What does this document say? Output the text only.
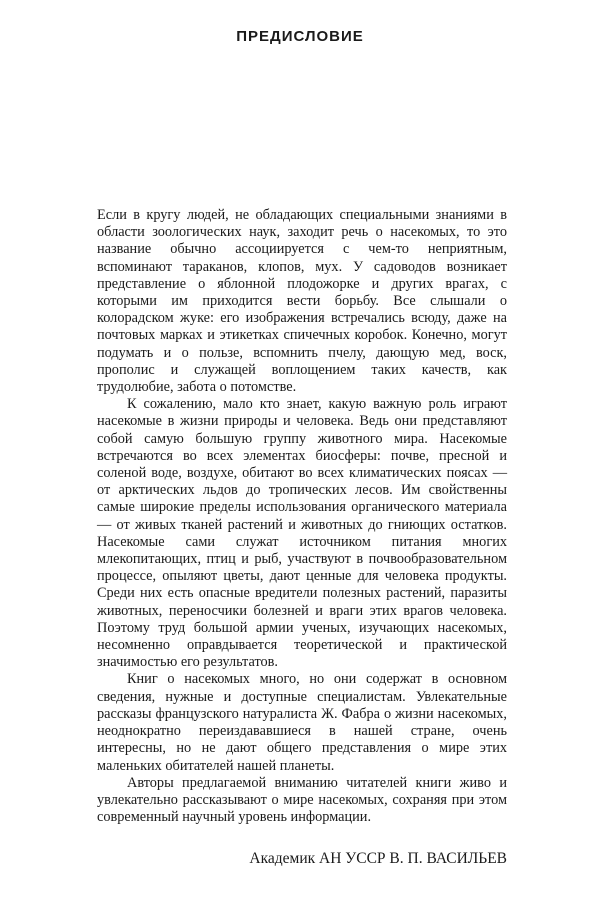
ПРЕДИСЛОВИЕ

Если в кругу людей, не обладающих специальными знаниями в области зоологических наук, заходит речь о насекомых, то это название обычно ассоциируется с чем-то неприятным, вспоминают тараканов, клопов, мух. У садоводов возникает представление о яблонной плодожорке и других врагах, с которыми им приходится вести борьбу. Все слышали о колорадском жуке: его изображения встречались всюду, даже на почтовых марках и этикетках спичечных коробок. Конечно, могут подумать и о пользе, вспомнить пчелу, дающую мед, воск, прополис и служащей воплощением таких качеств, как трудолюбие, забота о потомстве.

К сожалению, мало кто знает, какую важную роль играют насекомые в жизни природы и человека. Ведь они представляют собой самую большую группу животного мира. Насекомые встречаются во всех элементах биосферы: почве, пресной и соленой воде, воздухе, обитают во всех климатических поясах — от арктических льдов до тропических лесов. Им свойственны самые широкие пределы использования органического материала — от живых тканей растений и животных до гниющих остатков. Насекомые сами служат источником питания многих млекопитающих, птиц и рыб, участвуют в почвообразовательном процессе, опыляют цветы, дают ценные для человека продукты. Среди них есть опасные вредители полезных растений, паразиты животных, переносчики болезней и враги этих врагов человека. Поэтому труд большой армии ученых, изучающих насекомых, несомненно оправдывается теоретической и практической значимостью его результатов.

Книг о насекомых много, но они содержат в основном сведения, нужные и доступные специалистам. Увлекательные рассказы французского натуралиста Ж. Фабра о жизни насекомых, неоднократно переиздававшиеся в нашей стране, очень интересны, но не дают общего представления о мире этих маленьких обитателей нашей планеты.

Авторы предлагаемой вниманию читателей книги живо и увлекательно рассказывают о мире насекомых, сохраняя при этом современный научный уровень информации.

Академик АН УССР В. П. ВАСИЛЬЕВ
